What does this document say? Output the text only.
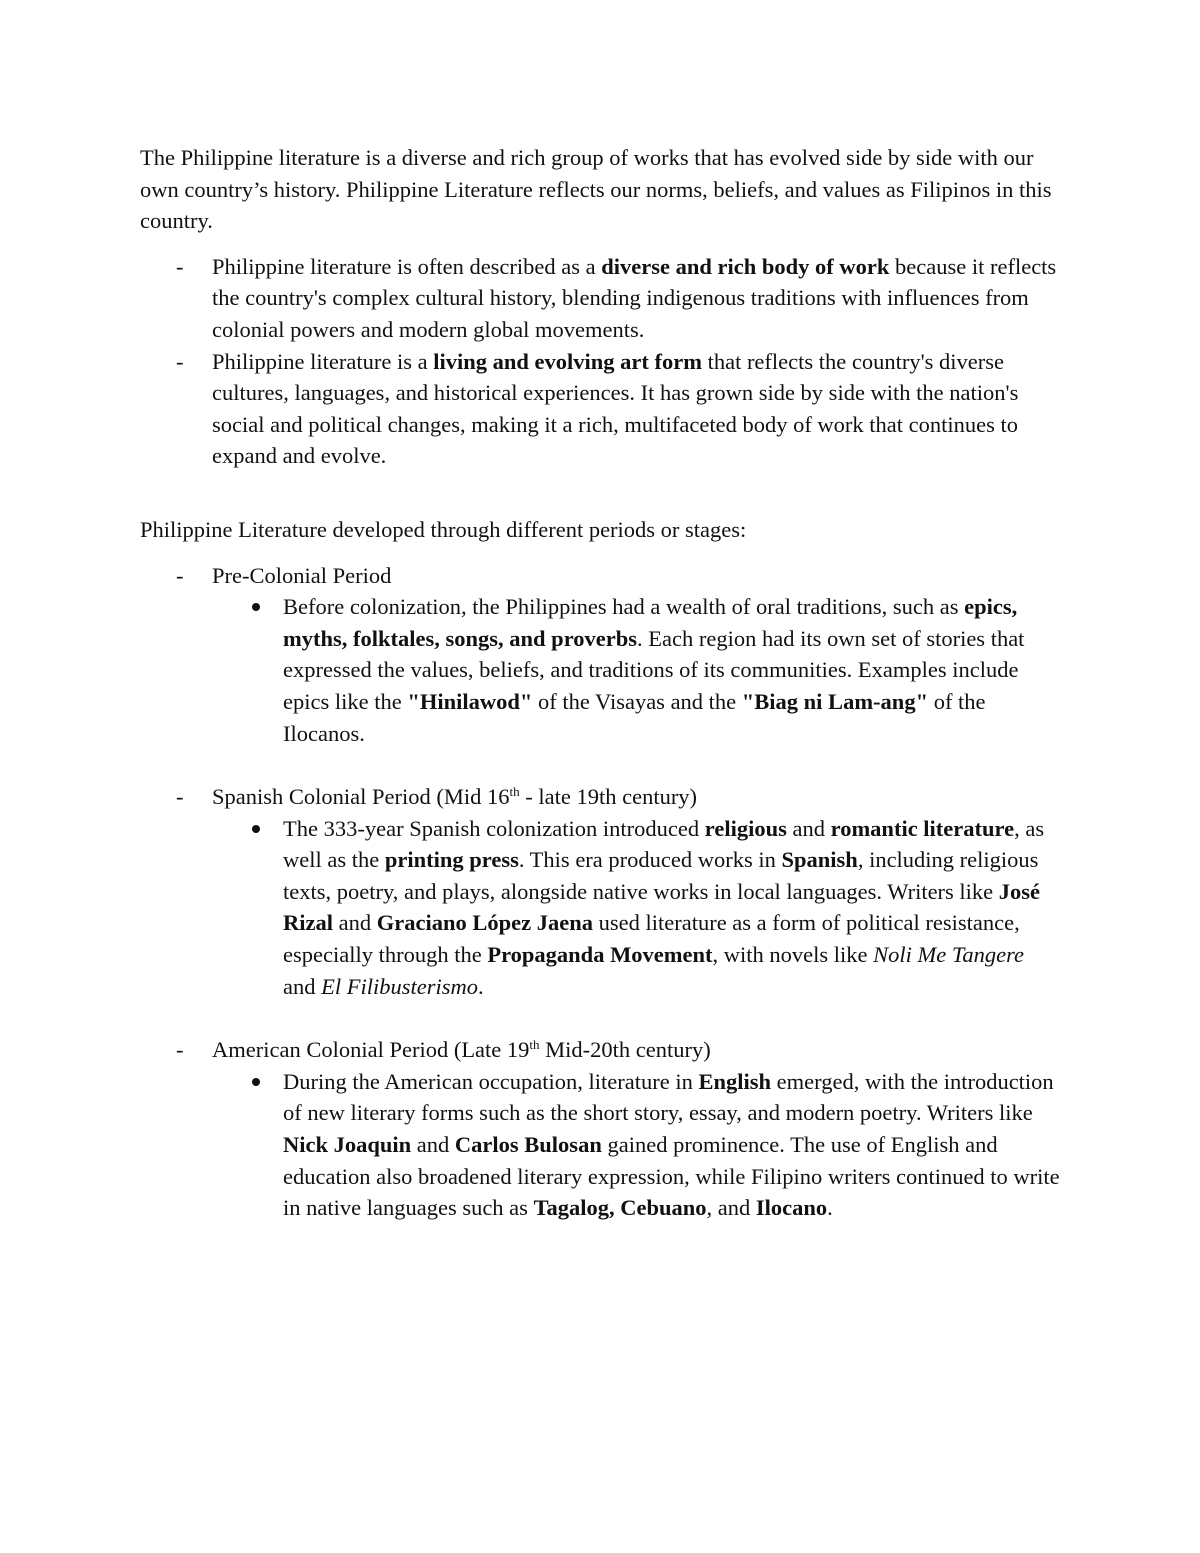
The Philippine literature is a diverse and rich group of works that has evolved side by side with our own country’s history. Philippine Literature reflects our norms, beliefs, and values as Filipinos in this country.

- Philippine literature is often described as a diverse and rich body of work because it reflects the country's complex cultural history, blending indigenous traditions with influences from colonial powers and modern global movements.
- Philippine literature is a living and evolving art form that reflects the country's diverse cultures, languages, and historical experiences. It has grown side by side with the nation's social and political changes, making it a rich, multifaceted body of work that continues to expand and evolve.

Philippine Literature developed through different periods or stages:

- Pre-Colonial Period
Before colonization, the Philippines had a wealth of oral traditions, such as epics, myths, folktales, songs, and proverbs. Each region had its own set of stories that expressed the values, beliefs, and traditions of its communities. Examples include epics like the "Hinilawod" of the Visayas and the "Biag ni Lam-ang" of the Ilocanos.
- Spanish Colonial Period (Mid 16th - late 19th century)
The 333-year Spanish colonization introduced religious and romantic literature, as well as the printing press. This era produced works in Spanish, including religious texts, poetry, and plays, alongside native works in local languages. Writers like José Rizal and Graciano López Jaena used literature as a form of political resistance, especially through the Propaganda Movement, with novels like Noli Me Tangere and El Filibusterismo.
- American Colonial Period (Late 19th Mid-20th century)
During the American occupation, literature in English emerged, with the introduction of new literary forms such as the short story, essay, and modern poetry. Writers like Nick Joaquin and Carlos Bulosan gained prominence. The use of English and education also broadened literary expression, while Filipino writers continued to write in native languages such as Tagalog, Cebuano, and Ilocano.
